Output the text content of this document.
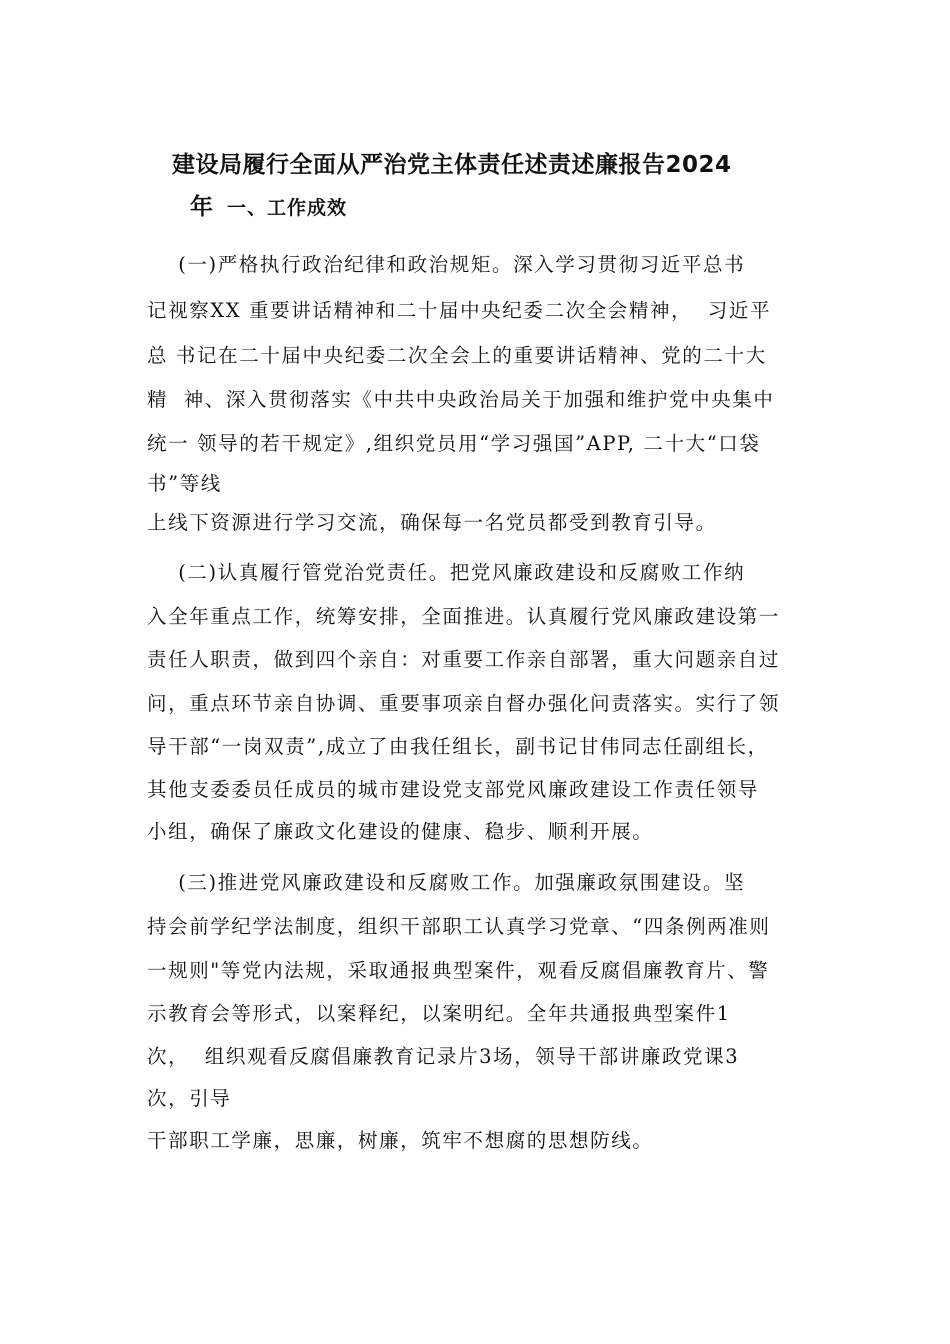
建设局履行全面从严治党主体责任述责述廉报告2024
年 一、工作成效
(一)严格执行政治纪律和政治规矩。深入学习贯彻习近平总书
记视察XX 重要讲话精神和二十届中央纪委二次全会精神，  习近平
总 书记在二十届中央纪委二次全会上的重要讲话精神、党的二十大
精  神、深入贯彻落实《中共中央政治局关于加强和维护党中央集中
统一 领导的若干规定》,组织党员用“学习强国”APP, 二十大“口袋
书”等线
上线下资源进行学习交流，确保每一名党员都受到教育引导。
(二)认真履行管党治党责任。把党风廉政建设和反腐败工作纳
入全年重点工作，统筹安排，全面推进。认真履行党风廉政建设第一
责任人职责，做到四个亲自：对重要工作亲自部署，重大问题亲自过
问，重点环节亲自协调、重要事项亲自督办强化问责落实。实行了领
导干部“一岗双责”,成立了由我任组长，副书记甘伟同志任副组长，
其他支委委员任成员的城市建设党支部党风廉政建设工作责任领导
小组，确保了廉政文化建设的健康、稳步、顺利开展。
(三)推进党风廉政建设和反腐败工作。加强廉政氛围建设。坚
持会前学纪学法制度，组织干部职工认真学习党章、“四条例两准则
一规则"等党内法规，采取通报典型案件，观看反腐倡廉教育片、警
示教育会等形式，以案释纪，以案明纪。全年共通报典型案件1
次，  组织观看反腐倡廉教育记录片3场，领导干部讲廉政党课3
次，引导
干部职工学廉，思廉，树廉，筑牢不想腐的思想防线。
